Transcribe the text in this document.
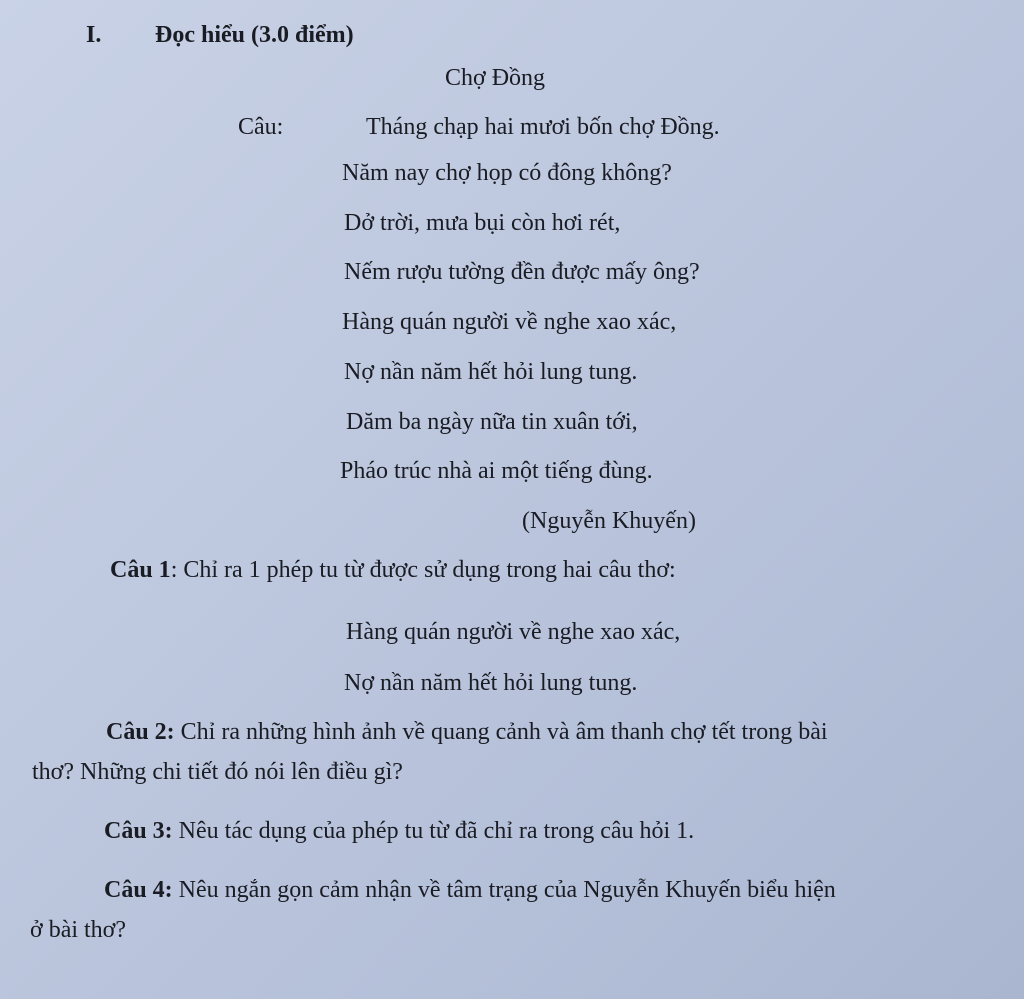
I. Đọc hiểu (3.0 điểm)
Chợ Đồng
Câu:	Tháng chạp hai mươi bốn chợ Đồng.
Năm nay chợ họp có đông không?
Dở trời, mưa bụi còn hơi rét,
Nếm rượu tường đền được mấy ông?
Hàng quán người về nghe xao xác,
Nợ nần năm hết hỏi lung tung.
Dăm ba ngày nữa tin xuân tới,
Pháo trúc nhà ai một tiếng đùng.
(Nguyễn Khuyến)
Câu 1: Chỉ ra 1 phép tu từ được sử dụng trong hai câu thơ:
Hàng quán người về nghe xao xác,
Nợ nần năm hết hỏi lung tung.
Câu 2: Chỉ ra những hình ảnh về quang cảnh và âm thanh chợ tết trong bài
thơ? Những chi tiết đó nói lên điều gì?
Câu 3: Nêu tác dụng của phép tu từ đã chỉ ra trong câu hỏi 1.
Câu 4: Nêu ngắn gọn cảm nhận về tâm trạng của Nguyễn Khuyến biểu hiện
ở bài thơ?
